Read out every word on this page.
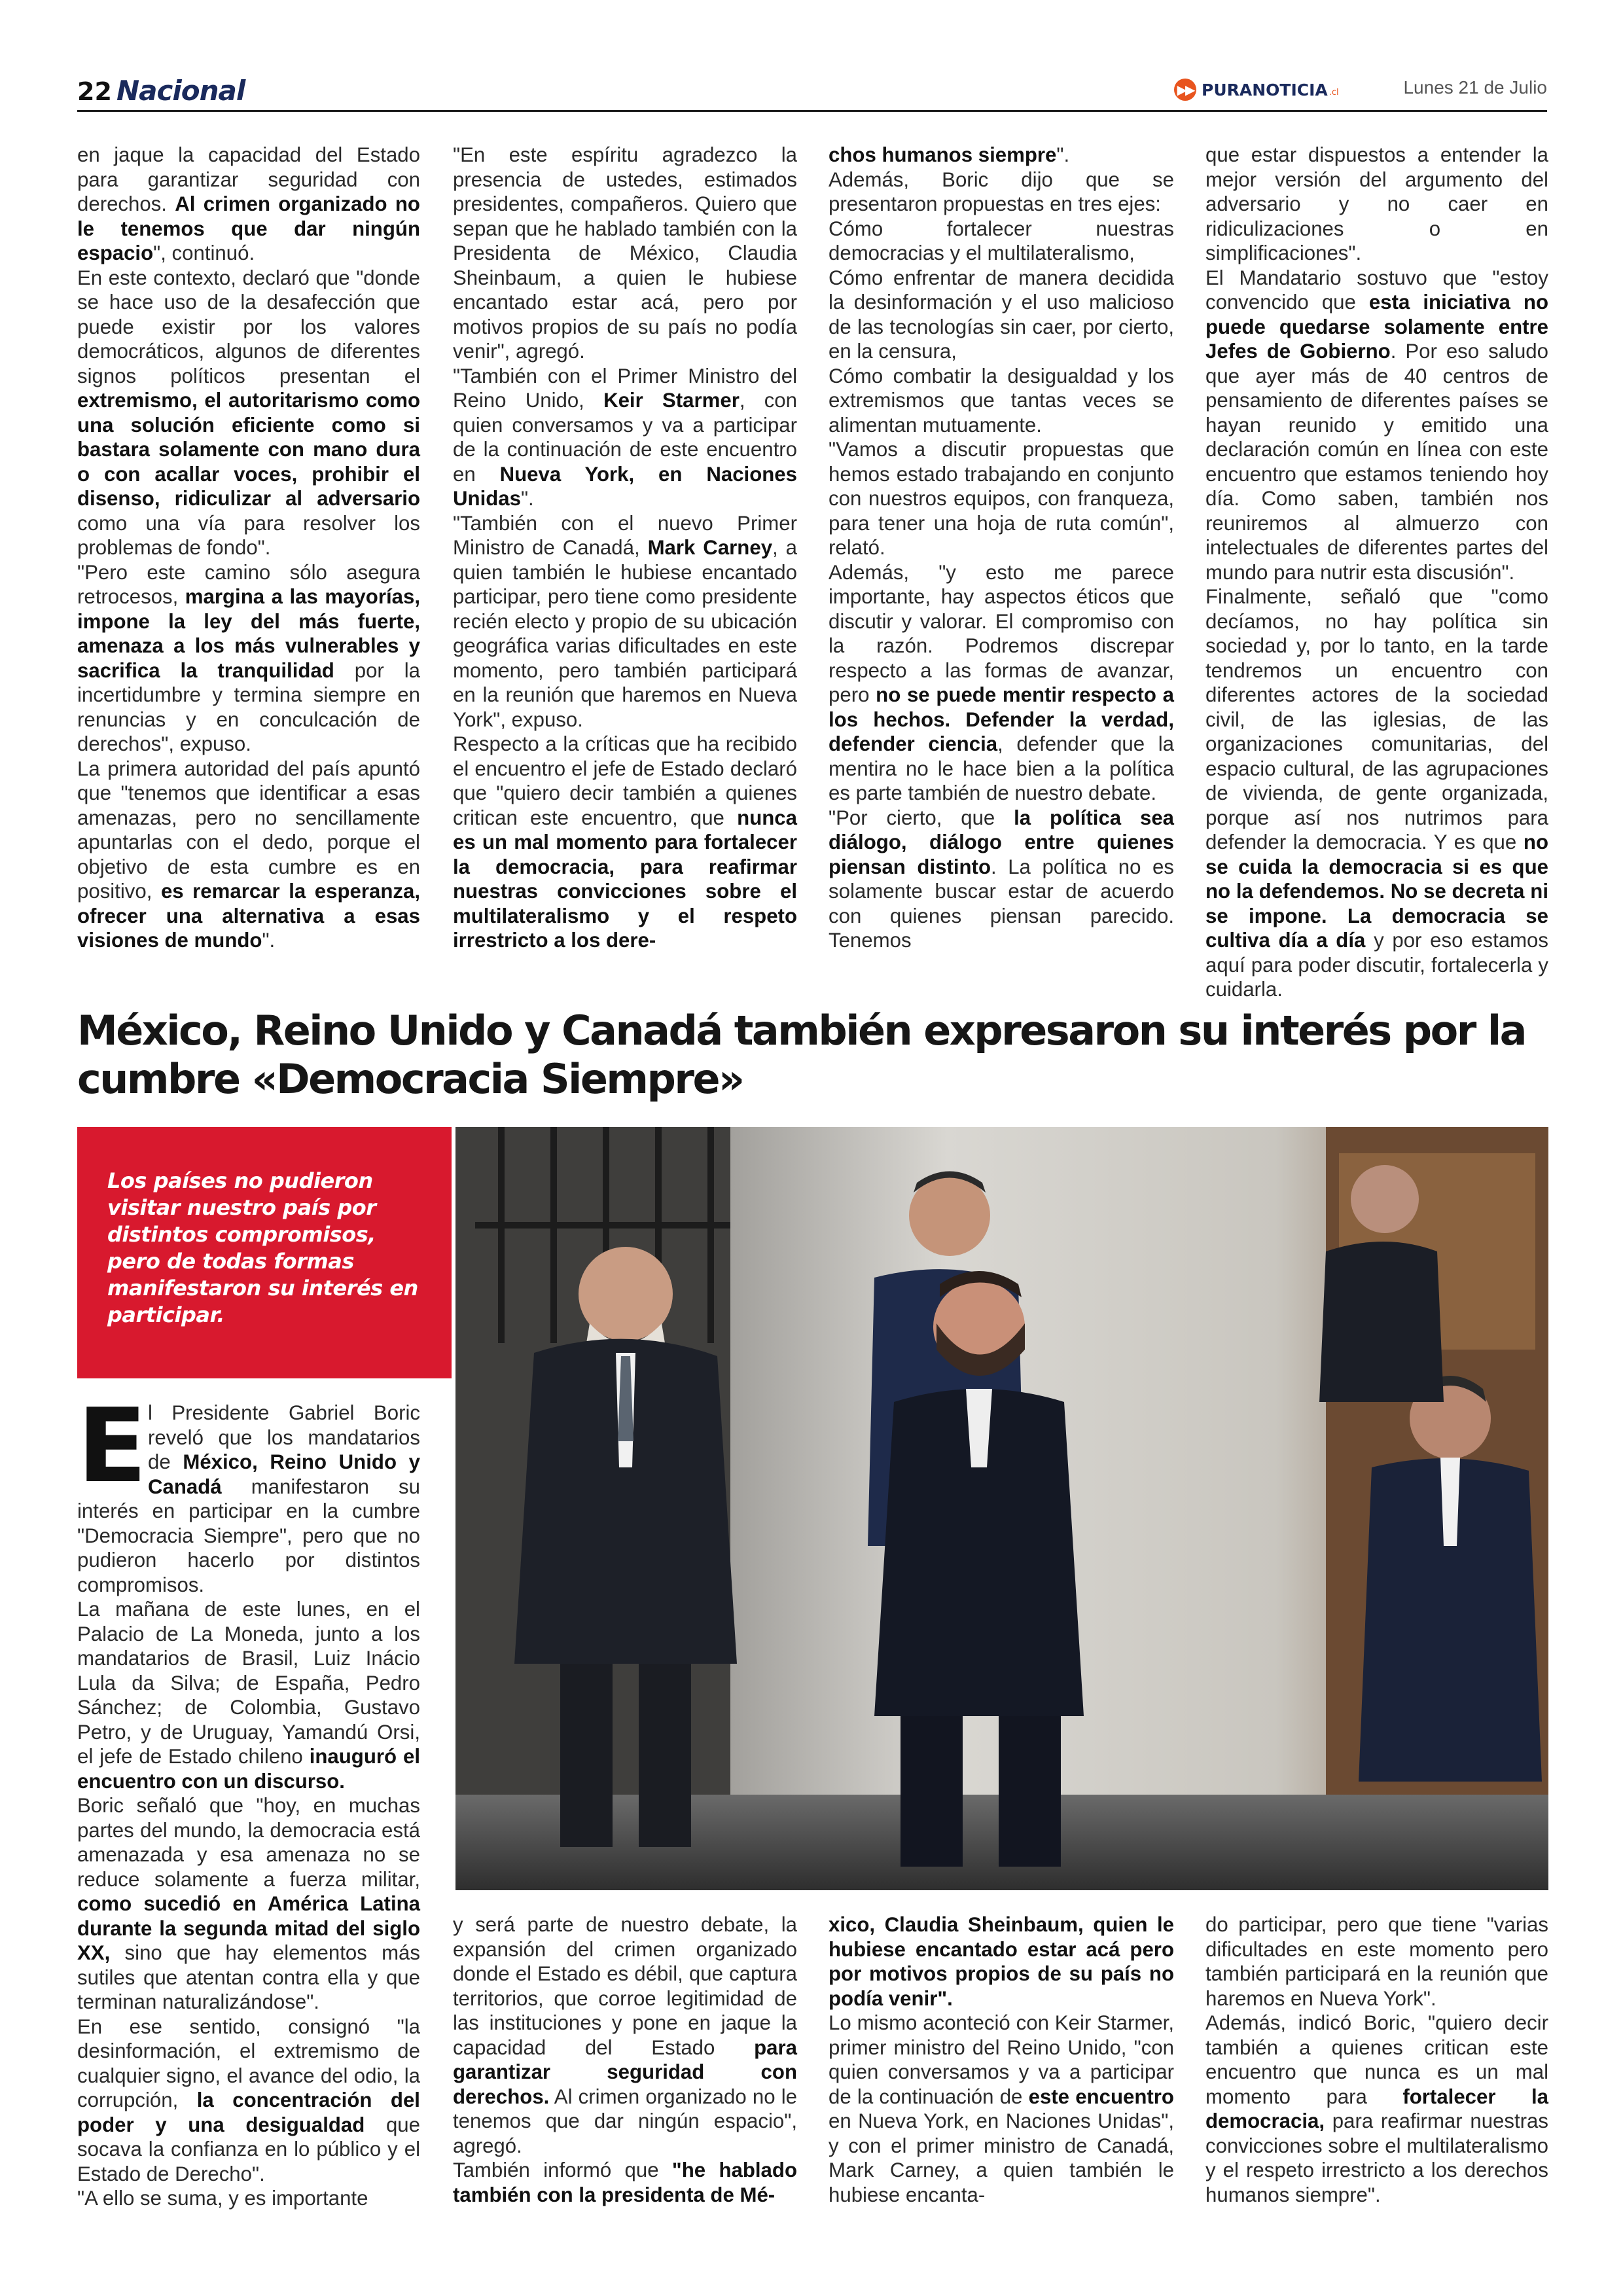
22 Nacional	▶▶ PURANOTICIA .cl	Lunes 21 de Julio

en jaque la capacidad del Estado para garantizar seguridad con derechos. Al crimen organizado no le tenemos que dar ningún espacio", continuó.

En este contexto, declaró que "donde se hace uso de la desafección que puede existir por los valores democráticos, algunos de diferentes signos políticos presentan el extremismo, el autoritarismo como una solución eficiente como si bastara solamente con mano dura o con acallar voces, prohibir el disenso, ridiculizar al adversario como una vía para resolver los problemas de fondo".

"Pero este camino sólo asegura retrocesos, margina a las mayorías, impone la ley del más fuerte, amenaza a los más vulnerables y sacrifica la tranquilidad por la incertidumbre y termina siempre en renuncias y en conculcación de derechos", expuso.

La primera autoridad del país apuntó que "tenemos que identificar a esas amenazas, pero no sencillamente apuntarlas con el dedo, porque el objetivo de esta cumbre es en positivo, es remarcar la esperanza, ofrecer una alternativa a esas visiones de mundo".

"En este espíritu agradezco la presencia de ustedes, estimados presidentes, compañeros. Quiero que sepan que he hablado también con la Presidenta de México, Claudia Sheinbaum, a quien le hubiese encantado estar acá, pero por motivos propios de su país no podía venir", agregó.

"También con el Primer Ministro del Reino Unido, Keir Starmer, con quien conversamos y va a participar de la continuación de este encuentro en Nueva York, en Naciones Unidas".

"También con el nuevo Primer Ministro de Canadá, Mark Carney, a quien también le hubiese encantado participar, pero tiene como presidente recién electo y propio de su ubicación geográfica varias dificultades en este momento, pero también participará en la reunión que haremos en Nueva York", expuso.

Respecto a la críticas que ha recibido el encuentro el jefe de Estado declaró que "quiero decir también a quienes critican este encuentro, que nunca es un mal momento para fortalecer la democracia, para reafirmar nuestras convicciones sobre el multilateralismo y el respeto irrestricto a los dere-

chos humanos siempre".

Además, Boric dijo que se presentaron propuestas en tres ejes:

Cómo fortalecer nuestras democracias y el multilateralismo,

Cómo enfrentar de manera decidida la desinformación y el uso malicioso de las tecnologías sin caer, por cierto, en la censura,

Cómo combatir la desigualdad y los extremismos que tantas veces se alimentan mutuamente.

"Vamos a discutir propuestas que hemos estado trabajando en conjunto con nuestros equipos, con franqueza, para tener una hoja de ruta común", relató.

Además, "y esto me parece importante, hay aspectos éticos que discutir y valorar. El compromiso con la razón. Podremos discrepar respecto a las formas de avanzar, pero no se puede mentir respecto a los hechos. Defender la verdad, defender ciencia, defender que la mentira no le hace bien a la política es parte también de nuestro debate.

"Por cierto, que la política sea diálogo, diálogo entre quienes piensan distinto. La política no es solamente buscar estar de acuerdo con quienes piensan parecido. Tenemos

que estar dispuestos a entender la mejor versión del argumento del adversario y no caer en ridiculizaciones o en simplificaciones".

El Mandatario sostuvo que "estoy convencido que esta iniciativa no puede quedarse solamente entre Jefes de Gobierno. Por eso saludo que ayer más de 40 centros de pensamiento de diferentes países se hayan reunido y emitido una declaración común en línea con este encuentro que estamos teniendo hoy día. Como saben, también nos reuniremos al almuerzo con intelectuales de diferentes partes del mundo para nutrir esta discusión".

Finalmente, señaló que "como decíamos, no hay política sin sociedad y, por lo tanto, en la tarde tendremos un encuentro con diferentes actores de la sociedad civil, de las iglesias, de las organizaciones comunitarias, del espacio cultural, de las agrupaciones de vivienda, de gente organizada, porque así nos nutrimos para defender la democracia. Y es que no se cuida la democracia si es que no la defendemos. No se decreta ni se impone. La democracia se cultiva día a día y por eso estamos aquí para poder discutir, fortalecerla y cuidarla.

México, Reino Unido y Canadá también expresaron su interés por la cumbre «Democracia Siempre»
Los países no pudieron visitar nuestro país por distintos compromisos, pero de todas formas manifestaron su interés en participar.
E l Presidente Gabriel Boric reveló que los mandatarios de México, Reino Unido y Canadá manifestaron su interés en participar en la cumbre "Democracia Siempre", pero que no pudieron hacerlo por distintos compromisos.

La mañana de este lunes, en el Palacio de La Moneda, junto a los mandatarios de Brasil, Luiz Inácio Lula da Silva; de España, Pedro Sánchez; de Colombia, Gustavo Petro, y de Uruguay, Yamandú Orsi, el jefe de Estado chileno inauguró el encuentro con un discurso.

Boric señaló que "hoy, en muchas partes del mundo, la democracia está amenazada y esa amenaza no se reduce solamente a fuerza militar, como sucedió en América Latina durante la segunda mitad del siglo XX, sino que hay elementos más sutiles que atentan contra ella y que terminan naturalizándose".

En ese sentido, consignó "la desinformación, el extremismo de cualquier signo, el avance del odio, la corrupción, la concentración del poder y una desigualdad que socava la confianza en lo público y el Estado de Derecho".

"A ello se suma, y es importante

y será parte de nuestro debate, la expansión del crimen organizado donde el Estado es débil, que captura territorios, que corroe legitimidad de las instituciones y pone en jaque la capacidad del Estado para garantizar seguridad con derechos. Al crimen organizado no le tenemos que dar ningún espacio", agregó.

También informó que "he hablado también con la presidenta de Mé-

xico, Claudia Sheinbaum, quien le hubiese encantado estar acá pero por motivos propios de su país no podía venir".

Lo mismo aconteció con Keir Starmer, primer ministro del Reino Unido, "con quien conversamos y va a participar de la continuación de este encuentro en Nueva York, en Naciones Unidas", y con el primer ministro de Canadá, Mark Carney, a quien también le hubiese encanta-

do participar, pero que tiene "varias dificultades en este momento pero también participará en la reunión que haremos en Nueva York".

Además, indicó Boric, "quiero decir también a quienes critican este encuentro que nunca es un mal momento para fortalecer la democracia, para reafirmar nuestras convicciones sobre el multilateralismo y el respeto irrestricto a los derechos humanos siempre".
